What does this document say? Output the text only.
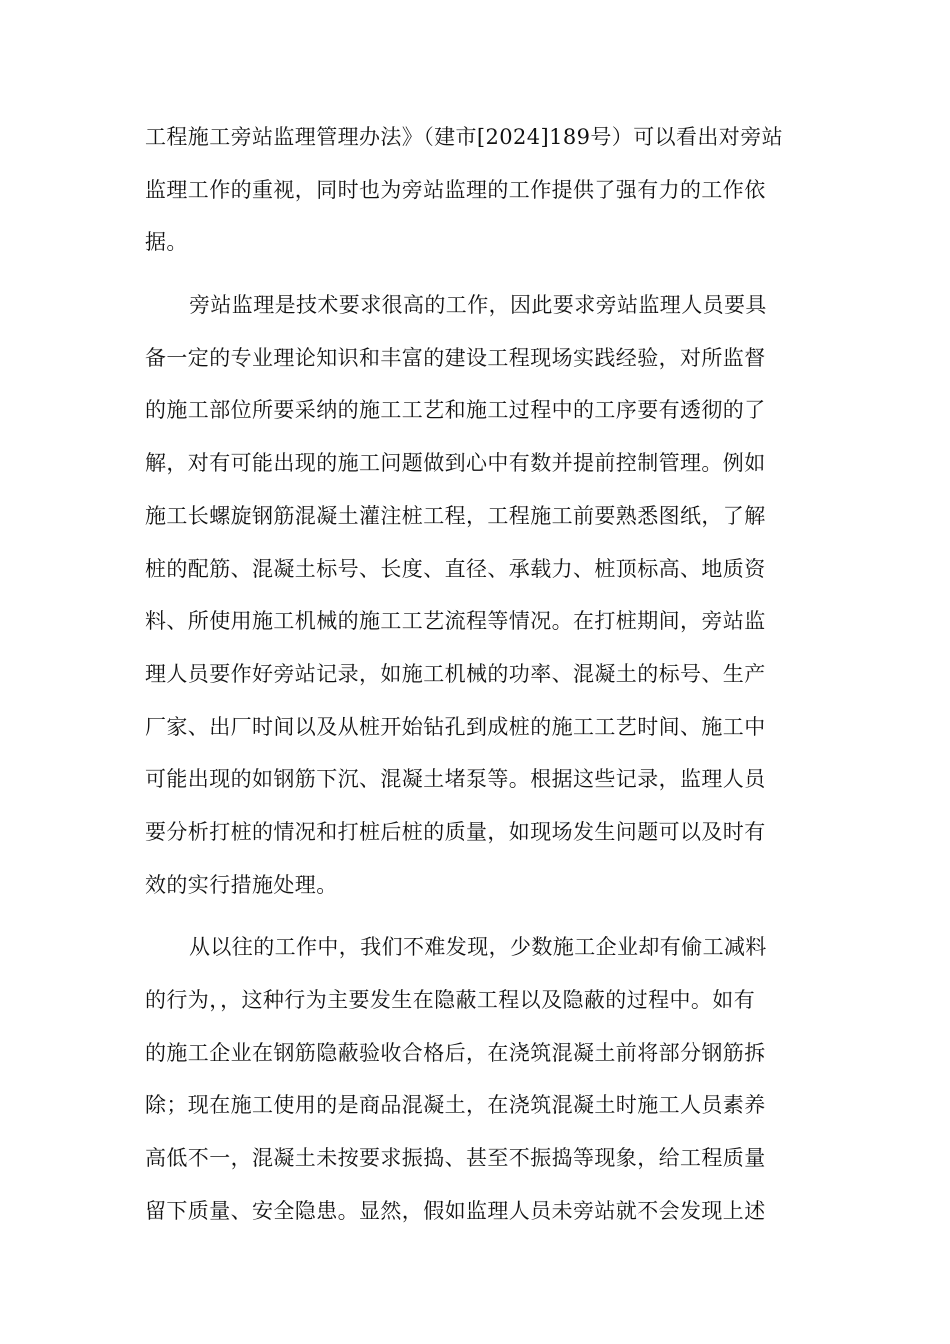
工程施工旁站监理管理办法》（建市[2024]189号）可以看出对旁站
监理工作的重视，同时也为旁站监理的工作提供了强有力的工作依
据。
旁站监理是技术要求很高的工作，因此要求旁站监理人员要具
备一定的专业理论知识和丰富的建设工程现场实践经验，对所监督
的施工部位所要采纳的施工工艺和施工过程中的工序要有透彻的了
解，对有可能出现的施工问题做到心中有数并提前控制管理。例如
施工长螺旋钢筋混凝土灌注桩工程，工程施工前要熟悉图纸，了解
桩的配筋、混凝土标号、长度、直径、承载力、桩顶标高、地质资
料、所使用施工机械的施工工艺流程等情况。在打桩期间，旁站监
理人员要作好旁站记录，如施工机械的功率、混凝土的标号、生产
厂家、出厂时间以及从桩开始钻孔到成桩的施工工艺时间、施工中
可能出现的如钢筋下沉、混凝土堵泵等。根据这些记录，监理人员
要分析打桩的情况和打桩后桩的质量，如现场发生问题可以及时有
效的实行措施处理。
从以往的工作中，我们不难发现，少数施工企业却有偷工减料
的行为，，这种行为主要发生在隐蔽工程以及隐蔽的过程中。如有
的施工企业在钢筋隐蔽验收合格后，在浇筑混凝土前将部分钢筋拆
除；现在施工使用的是商品混凝土，在浇筑混凝土时施工人员素养
高低不一，混凝土未按要求振捣、甚至不振捣等现象，给工程质量
留下质量、安全隐患。显然，假如监理人员未旁站就不会发现上述
